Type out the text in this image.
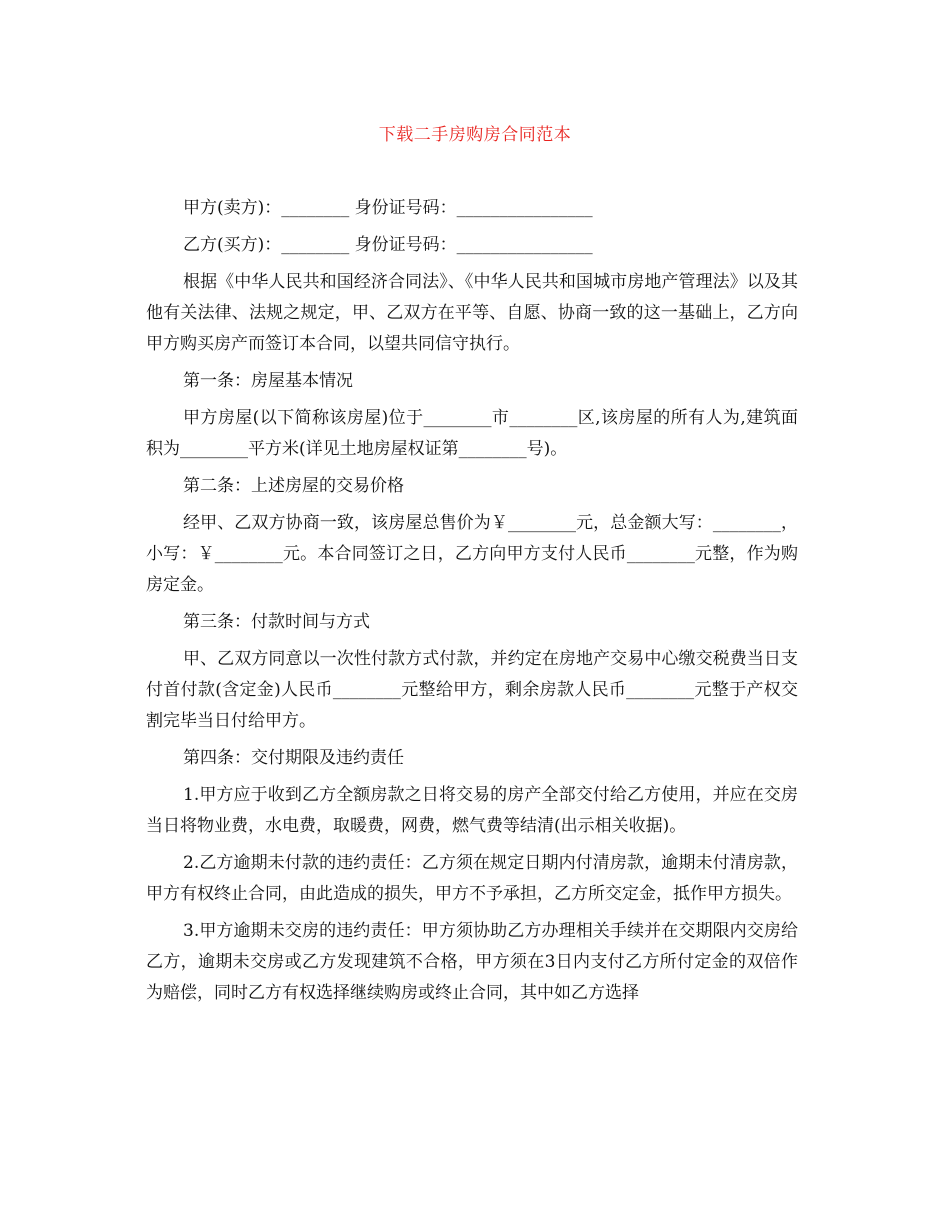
下载二手房购房合同范本

甲方(卖方)：________ 身份证号码：________________

乙方(买方)：________ 身份证号码：________________

根据《中华人民共和国经济合同法》、《中华人民共和国城市房地产管理法》以及其他有关法律、法规之规定，甲、乙双方在平等、自愿、协商一致的这一基础上，乙方向甲方购买房产而签订本合同，以望共同信守执行。

第一条：房屋基本情况

甲方房屋(以下简称该房屋)位于________市________区,该房屋的所有人为,建筑面积为________平方米(详见土地房屋权证第________号)。

第二条：上述房屋的交易价格

经甲、乙双方协商一致，该房屋总售价为￥________元，总金额大写：________，小写：￥________元。本合同签订之日，乙方向甲方支付人民币________元整，作为购房定金。

第三条：付款时间与方式

甲、乙双方同意以一次性付款方式付款，并约定在房地产交易中心缴交税费当日支付首付款(含定金)人民币________元整给甲方，剩余房款人民币________元整于产权交割完毕当日付给甲方。

第四条：交付期限及违约责任

1.甲方应于收到乙方全额房款之日将交易的房产全部交付给乙方使用，并应在交房当日将物业费，水电费，取暖费，网费，燃气费等结清(出示相关收据)。

2.乙方逾期未付款的违约责任：乙方须在规定日期内付清房款，逾期未付清房款，甲方有权终止合同，由此造成的损失，甲方不予承担，乙方所交定金，抵作甲方损失。

3.甲方逾期未交房的违约责任：甲方须协助乙方办理相关手续并在交期限内交房给乙方，逾期未交房或乙方发现建筑不合格，甲方须在3日内支付乙方所付定金的双倍作为赔偿，同时乙方有权选择继续购房或终止合同，其中如乙方选择
